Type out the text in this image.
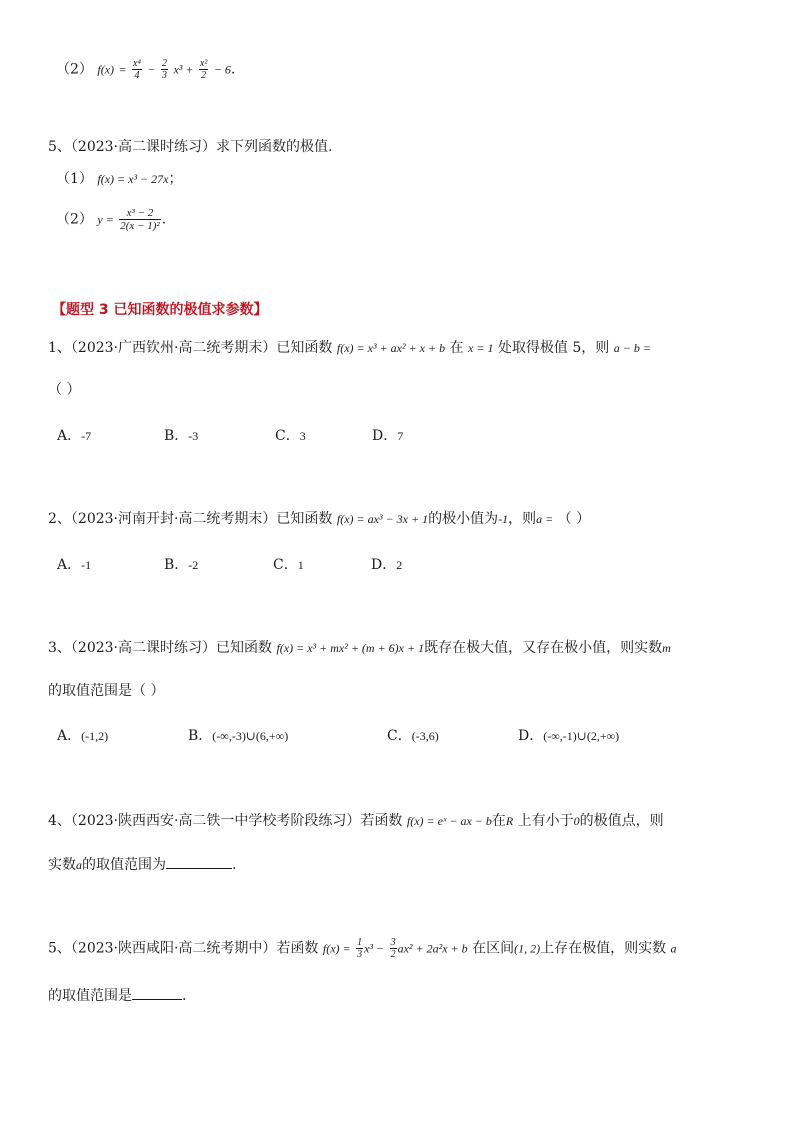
（2） $f(x) = \frac{\text{x⁴}}{4} - \frac{2}{3} x^3 + \frac{\text{x²}}{2} - 6$.
5、（2023·高二课时练习）求下列函数的极值.
（1） f(x) = x³ − 27x；
（2） $y = \frac{\text{x³ − 2}}{\text{2(x − 1)²}}$ .
【题型 3 已知函数的极值求参数】
1、（2023·广西钦州·高二统考期末）已知函数 f(x) = x³ + ax² + x + b 在 x = 1 处取得极值 5，则 a − b =
（ ）
A．-7	B．-3	C．3	D．7
2、（2023·河南开封·高二统考期末）已知函数 f(x) = ax³ − 3x + 1的极小值为-1，则a = （ ）
A．-1	B．-2	C．1	D．2
3、（2023·高二课时练习）已知函数 f(x) = x³ + mx² + (m + 6)x + 1既存在极大值，又存在极小值，则实数m
的取值范围是（ ）
A．(-1,2)	B．(-∞,-3)∪(6,+∞)	C．(-3,6)	D．(-∞,-1)∪(2,+∞)
4、（2023·陕西西安·高二铁一中学校考阶段练习）若函数 f(x) = eˣ − ax − b在R 上有小于0的极值点，则
实数a的取值范围为	.
5、（2023·陕西咸阳·高二统考期中）若函数 $f(x) = \frac{1}{3} x^3 - \frac{3}{2} ax^2 + 2a^2x + b$ 在区间(1, 2)上存在极值，则实数 a
的取值范围是	.
